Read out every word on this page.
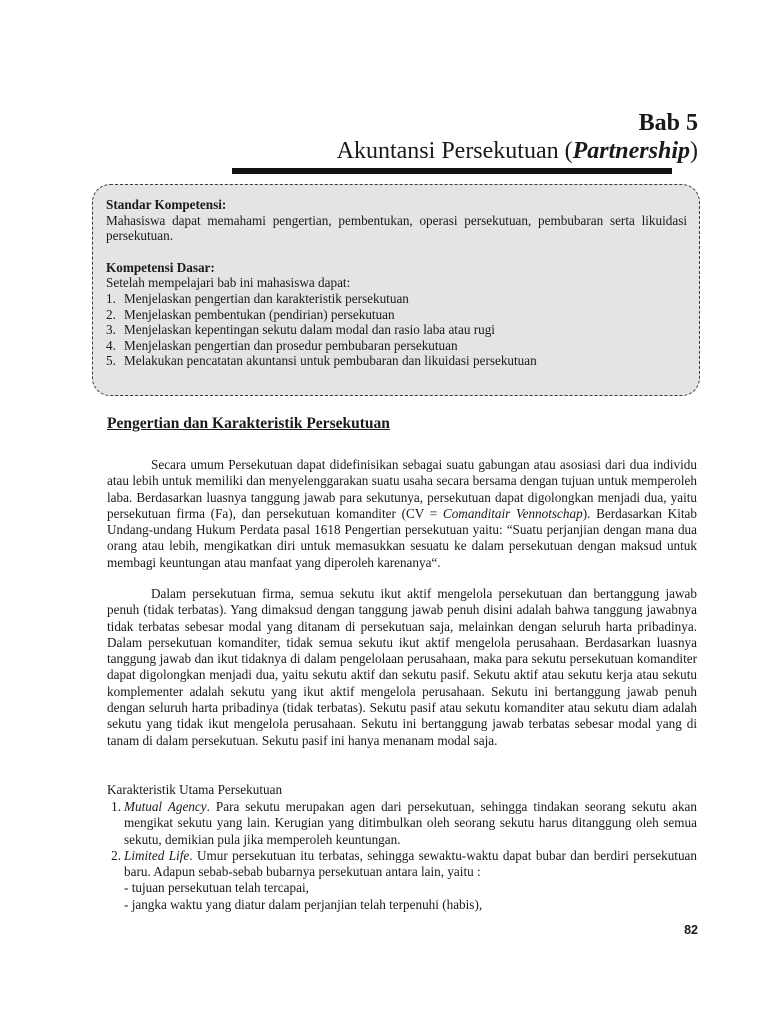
Bab 5
Akuntansi Persekutuan (Partnership)
Standar Kompetensi:
Mahasiswa dapat memahami pengertian, pembentukan, operasi persekutuan, pembubaran serta likuidasi persekutuan.
Kompetensi Dasar:
Setelah mempelajari bab ini mahasiswa dapat:
1. Menjelaskan pengertian dan karakteristik persekutuan
2. Menjelaskan pembentukan (pendirian) persekutuan
3. Menjelaskan kepentingan sekutu dalam modal dan rasio laba atau rugi
4. Menjelaskan pengertian dan prosedur pembubaran persekutuan
5. Melakukan pencatatan akuntansi untuk pembubaran dan likuidasi persekutuan
Pengertian dan Karakteristik Persekutuan
Secara umum Persekutuan dapat didefinisikan sebagai suatu gabungan atau asosiasi dari dua individu atau lebih untuk memiliki dan menyelenggarakan suatu usaha secara bersama dengan tujuan untuk memperoleh laba. Berdasarkan luasnya tanggung jawab para sekutunya, persekutuan dapat digolongkan menjadi dua, yaitu persekutuan firma (Fa), dan persekutuan komanditer (CV = Comanditair Vennotschap). Berdasarkan Kitab Undang-undang Hukum Perdata pasal 1618 Pengertian persekutuan yaitu: “Suatu perjanjian dengan mana dua orang atau lebih, mengikatkan diri untuk memasukkan sesuatu ke dalam persekutuan dengan maksud untuk membagi keuntungan atau manfaat yang diperoleh karenanya“.
Dalam persekutuan firma, semua sekutu ikut aktif mengelola persekutuan dan bertanggung jawab penuh (tidak terbatas). Yang dimaksud dengan tanggung jawab penuh disini adalah bahwa tanggung jawabnya tidak terbatas sebesar modal yang ditanam di persekutuan saja, melainkan dengan seluruh harta pribadinya. Dalam persekutuan komanditer, tidak semua sekutu ikut aktif mengelola perusahaan. Berdasarkan luasnya tanggung jawab dan ikut tidaknya di dalam pengelolaan perusahaan, maka para sekutu persekutuan komanditer dapat digolongkan menjadi dua, yaitu sekutu aktif dan sekutu pasif. Sekutu aktif atau sekutu kerja atau sekutu komplementer adalah sekutu yang ikut aktif mengelola perusahaan. Sekutu ini bertanggung jawab penuh dengan seluruh harta pribadinya (tidak terbatas). Sekutu pasif atau sekutu komanditer atau sekutu diam adalah sekutu yang tidak ikut mengelola perusahaan. Sekutu ini bertanggung jawab terbatas sebesar modal yang di tanam di dalam persekutuan. Sekutu pasif ini hanya menanam modal saja.
Karakteristik Utama Persekutuan
1. Mutual Agency. Para sekutu merupakan agen dari persekutuan, sehingga tindakan seorang sekutu akan mengikat sekutu yang lain. Kerugian yang ditimbulkan oleh seorang sekutu harus ditanggung oleh semua sekutu, demikian pula jika memperoleh keuntungan.
2. Limited Life. Umur persekutuan itu terbatas, sehingga sewaktu-waktu dapat bubar dan berdiri persekutuan baru. Adapun sebab-sebab bubarnya persekutuan antara lain, yaitu :
- tujuan persekutuan telah tercapai,
- jangka waktu yang diatur dalam perjanjian telah terpenuhi (habis),
82
